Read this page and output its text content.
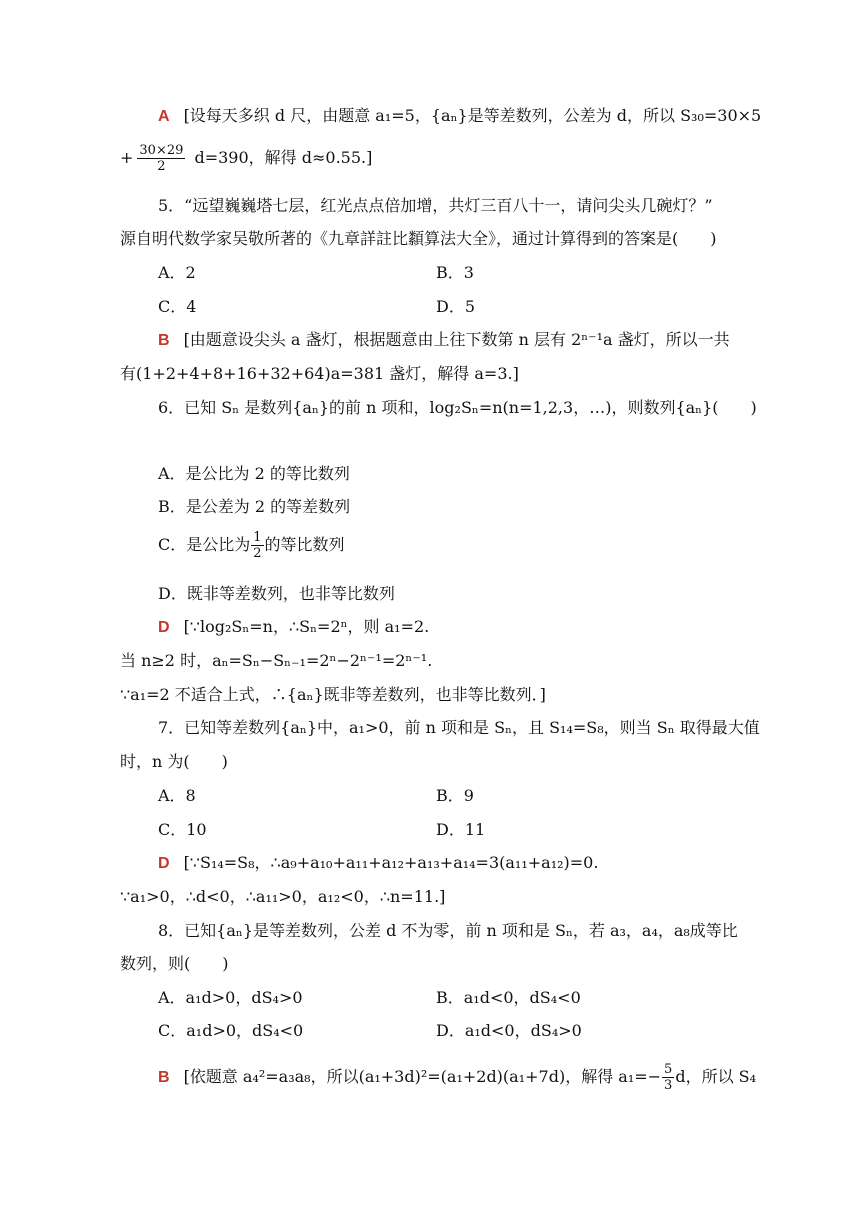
A [设每天多织 d 尺，由题意 a₁=5，{aₙ}是等差数列，公差为 d，所以 S₃₀=30×5
+ $\frac{30\times 29}{2} d=390$，解得 d≈0.55.]
5．“远望巍巍塔七层，红光点点倍加增，共灯三百八十一，请问尖头几碗灯？”
源自明代数学家吴敬所著的《九章詳註比纇算法大全》，通过计算得到的答案是(　　)
A．2	B．3
C．4	D．5
B [由题意设尖头 a 盏灯，根据题意由上往下数第 n 层有 2ⁿ⁻¹a 盏灯，所以一共
有(1+2+4+8+16+32+64)a=381 盏灯，解得 a=3.]
6．已知 Sₙ 是数列{aₙ}的前 n 项和，log₂Sₙ=n(n=1,2,3，…)，则数列{aₙ}(　　)
A．是公比为 2 的等比数列
B．是公差为 2 的等差数列
C．是公比为 $\frac{1}{2}$ 的等比数列
D．既非等差数列，也非等比数列
D [∵log₂Sₙ=n，∴Sₙ=2ⁿ，则 a₁=2.
当 n≥2 时，aₙ=Sₙ−Sₙ₋₁=2ⁿ−2ⁿ⁻¹=2ⁿ⁻¹.
∵a₁=2 不适合上式，∴{aₙ}既非等差数列，也非等比数列．]
7．已知等差数列{aₙ}中，a₁>0，前 n 项和是 Sₙ，且 S₁₄=S₈，则当 Sₙ 取得最大值
时，n 为(　　)
A．8	B．9
C．10	D．11
D [∵S₁₄=S₈，∴a₉+a₁₀+a₁₁+a₁₂+a₁₃+a₁₄=3(a₁₁+a₁₂)=0.
∵a₁>0，∴d<0，∴a₁₁>0，a₁₂<0，∴n=11.]
8．已知{aₙ}是等差数列，公差 d 不为零，前 n 项和是 Sₙ，若 a₃，a₄，a₈成等比
数列，则(　　)
A．a₁d>0，dS₄>0	B．a₁d<0，dS₄<0
C．a₁d>0，dS₄<0	D．a₁d<0，dS₄>0
B [依题意 a₄²=a₃a₈，所以(a₁+3d)²=(a₁+2d)(a₁+7d)，解得 $a_1=- \frac{5}{3}$ d，所以 S₄
